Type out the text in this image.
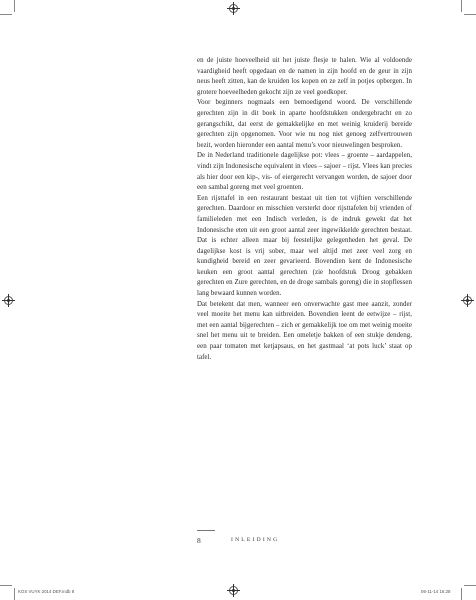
en de juiste hoeveelheid uit het juiste flesje te halen. Wie al voldoende vaardigheid heeft opgedaan en de namen in zijn hoofd en de geur in zijn neus heeft zitten, kan de kruiden los kopen en ze zelf in potjes opbergen. In grotere hoeveelheden gekocht zijn ze veel goedkoper.

Voor beginners nogmaals een bemoedigend woord. De verschillende gerechten zijn in dit boek in aparte hoofdstukken ondergebracht en zo gerangschikt, dat eerst de gemakkelijke en met weinig kruiderij bereide gerechten zijn opgenomen. Voor wie nu nog niet genoeg zelfvertrouwen bezit, worden hieronder een aantal menu’s voor nieuwelingen besproken.

De in Nederland traditionele dagelijkse pot: vlees – groente – aardappelen, vindt zijn Indonesische equivalent in vlees – sajoer – rijst. Vlees kan precies als hier door een kip-, vis- of eiergerecht vervangen worden, de sajoer door een sambal goreng met veel groenten.

Een rijsttafel in een restaurant bestaat uit tien tot vijftien verschillende gerechten. Daardoor en misschien versterkt door rijsttafelen bij vrienden of familieleden met een Indisch verleden, is de indruk gewekt dat het Indonesische eten uit een groot aantal zeer ingewikkelde gerechten bestaat. Dat is echter alleen maar bij feestelijke gelegenheden het geval. De dagelijkse kost is vrij sober, maar wel altijd met zeer veel zorg en kundigheid bereid en zeer gevarieerd. Bovendien kent de Indonesische keuken een groot aantal gerechten (zie hoofdstuk Droog gebakken gerechten en Zure gerechten, en de droge sambals goreng) die in stopflessen lang bewaard kunnen worden.

Dat betekent dat men, wanneer een onverwachte gast mee aanzit, zonder veel moeite het menu kan uitbreiden. Bovendien leent de eetwijze – rijst, met een aantal bijgerechten – zich er gemakkelijk toe om met weinig moeite snel het menu uit te breiden. Een omeletje bakken of een stukje dendeng, een paar tomaten met ketjapsaus, en het gastmaal ‘at pots luck’ staat op tafel.

8	INLEIDING
KOS VUYK 2014 DEF.indb 8	06-11-14 16:28
